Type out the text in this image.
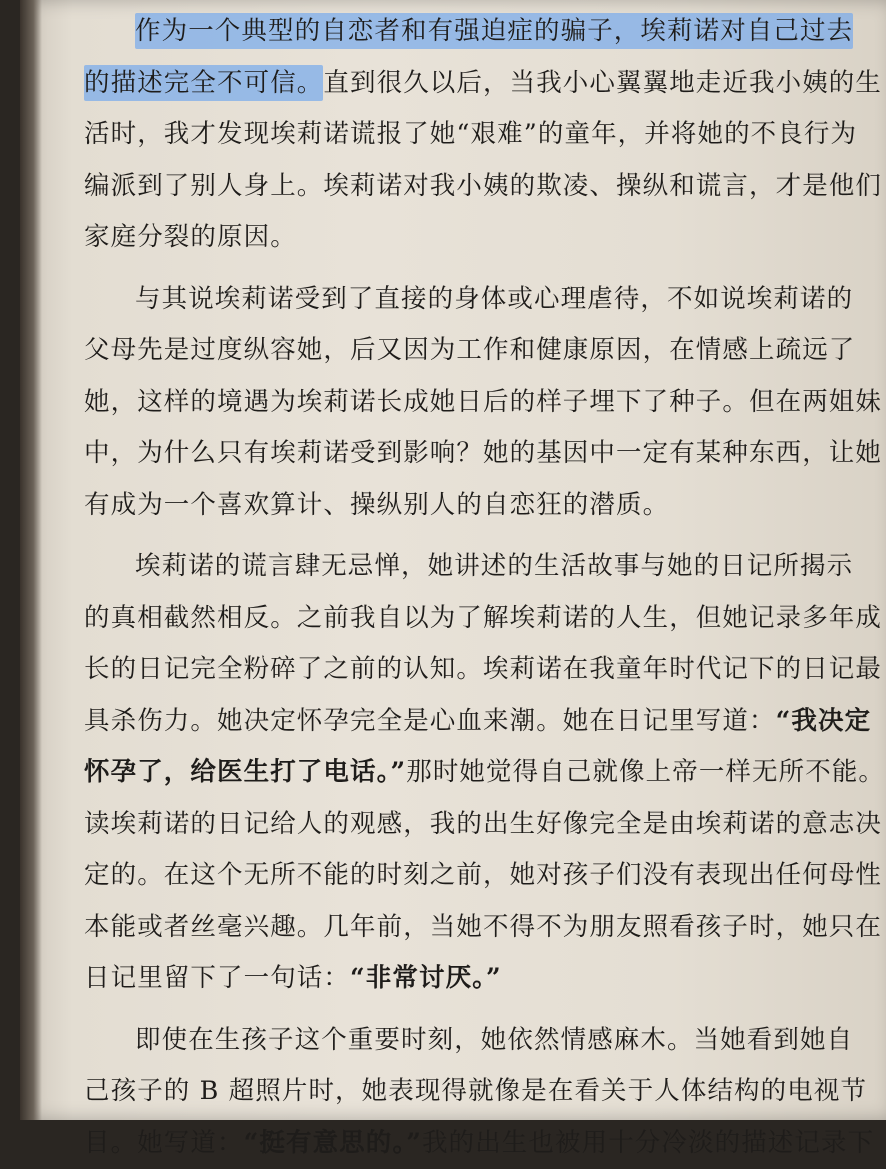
作为一个典型的自恋者和有强迫症的骗子，埃莉诺对自己过去
的描述完全不可信。直到很久以后，当我小心翼翼地走近我小姨的生
活时，我才发现埃莉诺谎报了她“艰难”的童年，并将她的不良行为
编派到了别人身上。埃莉诺对我小姨的欺凌、操纵和谎言，才是他们
家庭分裂的原因。
与其说埃莉诺受到了直接的身体或心理虐待，不如说埃莉诺的
父母先是过度纵容她，后又因为工作和健康原因，在情感上疏远了
她，这样的境遇为埃莉诺长成她日后的样子埋下了种子。但在两姐妹
中，为什么只有埃莉诺受到影响？她的基因中一定有某种东西，让她
有成为一个喜欢算计、操纵别人的自恋狂的潜质。
埃莉诺的谎言肆无忌惮，她讲述的生活故事与她的日记所揭示
的真相截然相反。之前我自以为了解埃莉诺的人生，但她记录多年成
长的日记完全粉碎了之前的认知。埃莉诺在我童年时代记下的日记最
具杀伤力。她决定怀孕完全是心血来潮。她在日记里写道：“我决定
怀孕了，给医生打了电话。”那时她觉得自己就像上帝一样无所不能。
读埃莉诺的日记给人的观感，我的出生好像完全是由埃莉诺的意志决
定的。在这个无所不能的时刻之前，她对孩子们没有表现出任何母性
本能或者丝毫兴趣。几年前，当她不得不为朋友照看孩子时，她只在
日记里留下了一句话：“非常讨厌。”
即使在生孩子这个重要时刻，她依然情感麻木。当她看到她自
己孩子的 B 超照片时，她表现得就像是在看关于人体结构的电视节
目。她写道：“挺有意思的。”我的出生也被用十分冷淡的描述记录下
